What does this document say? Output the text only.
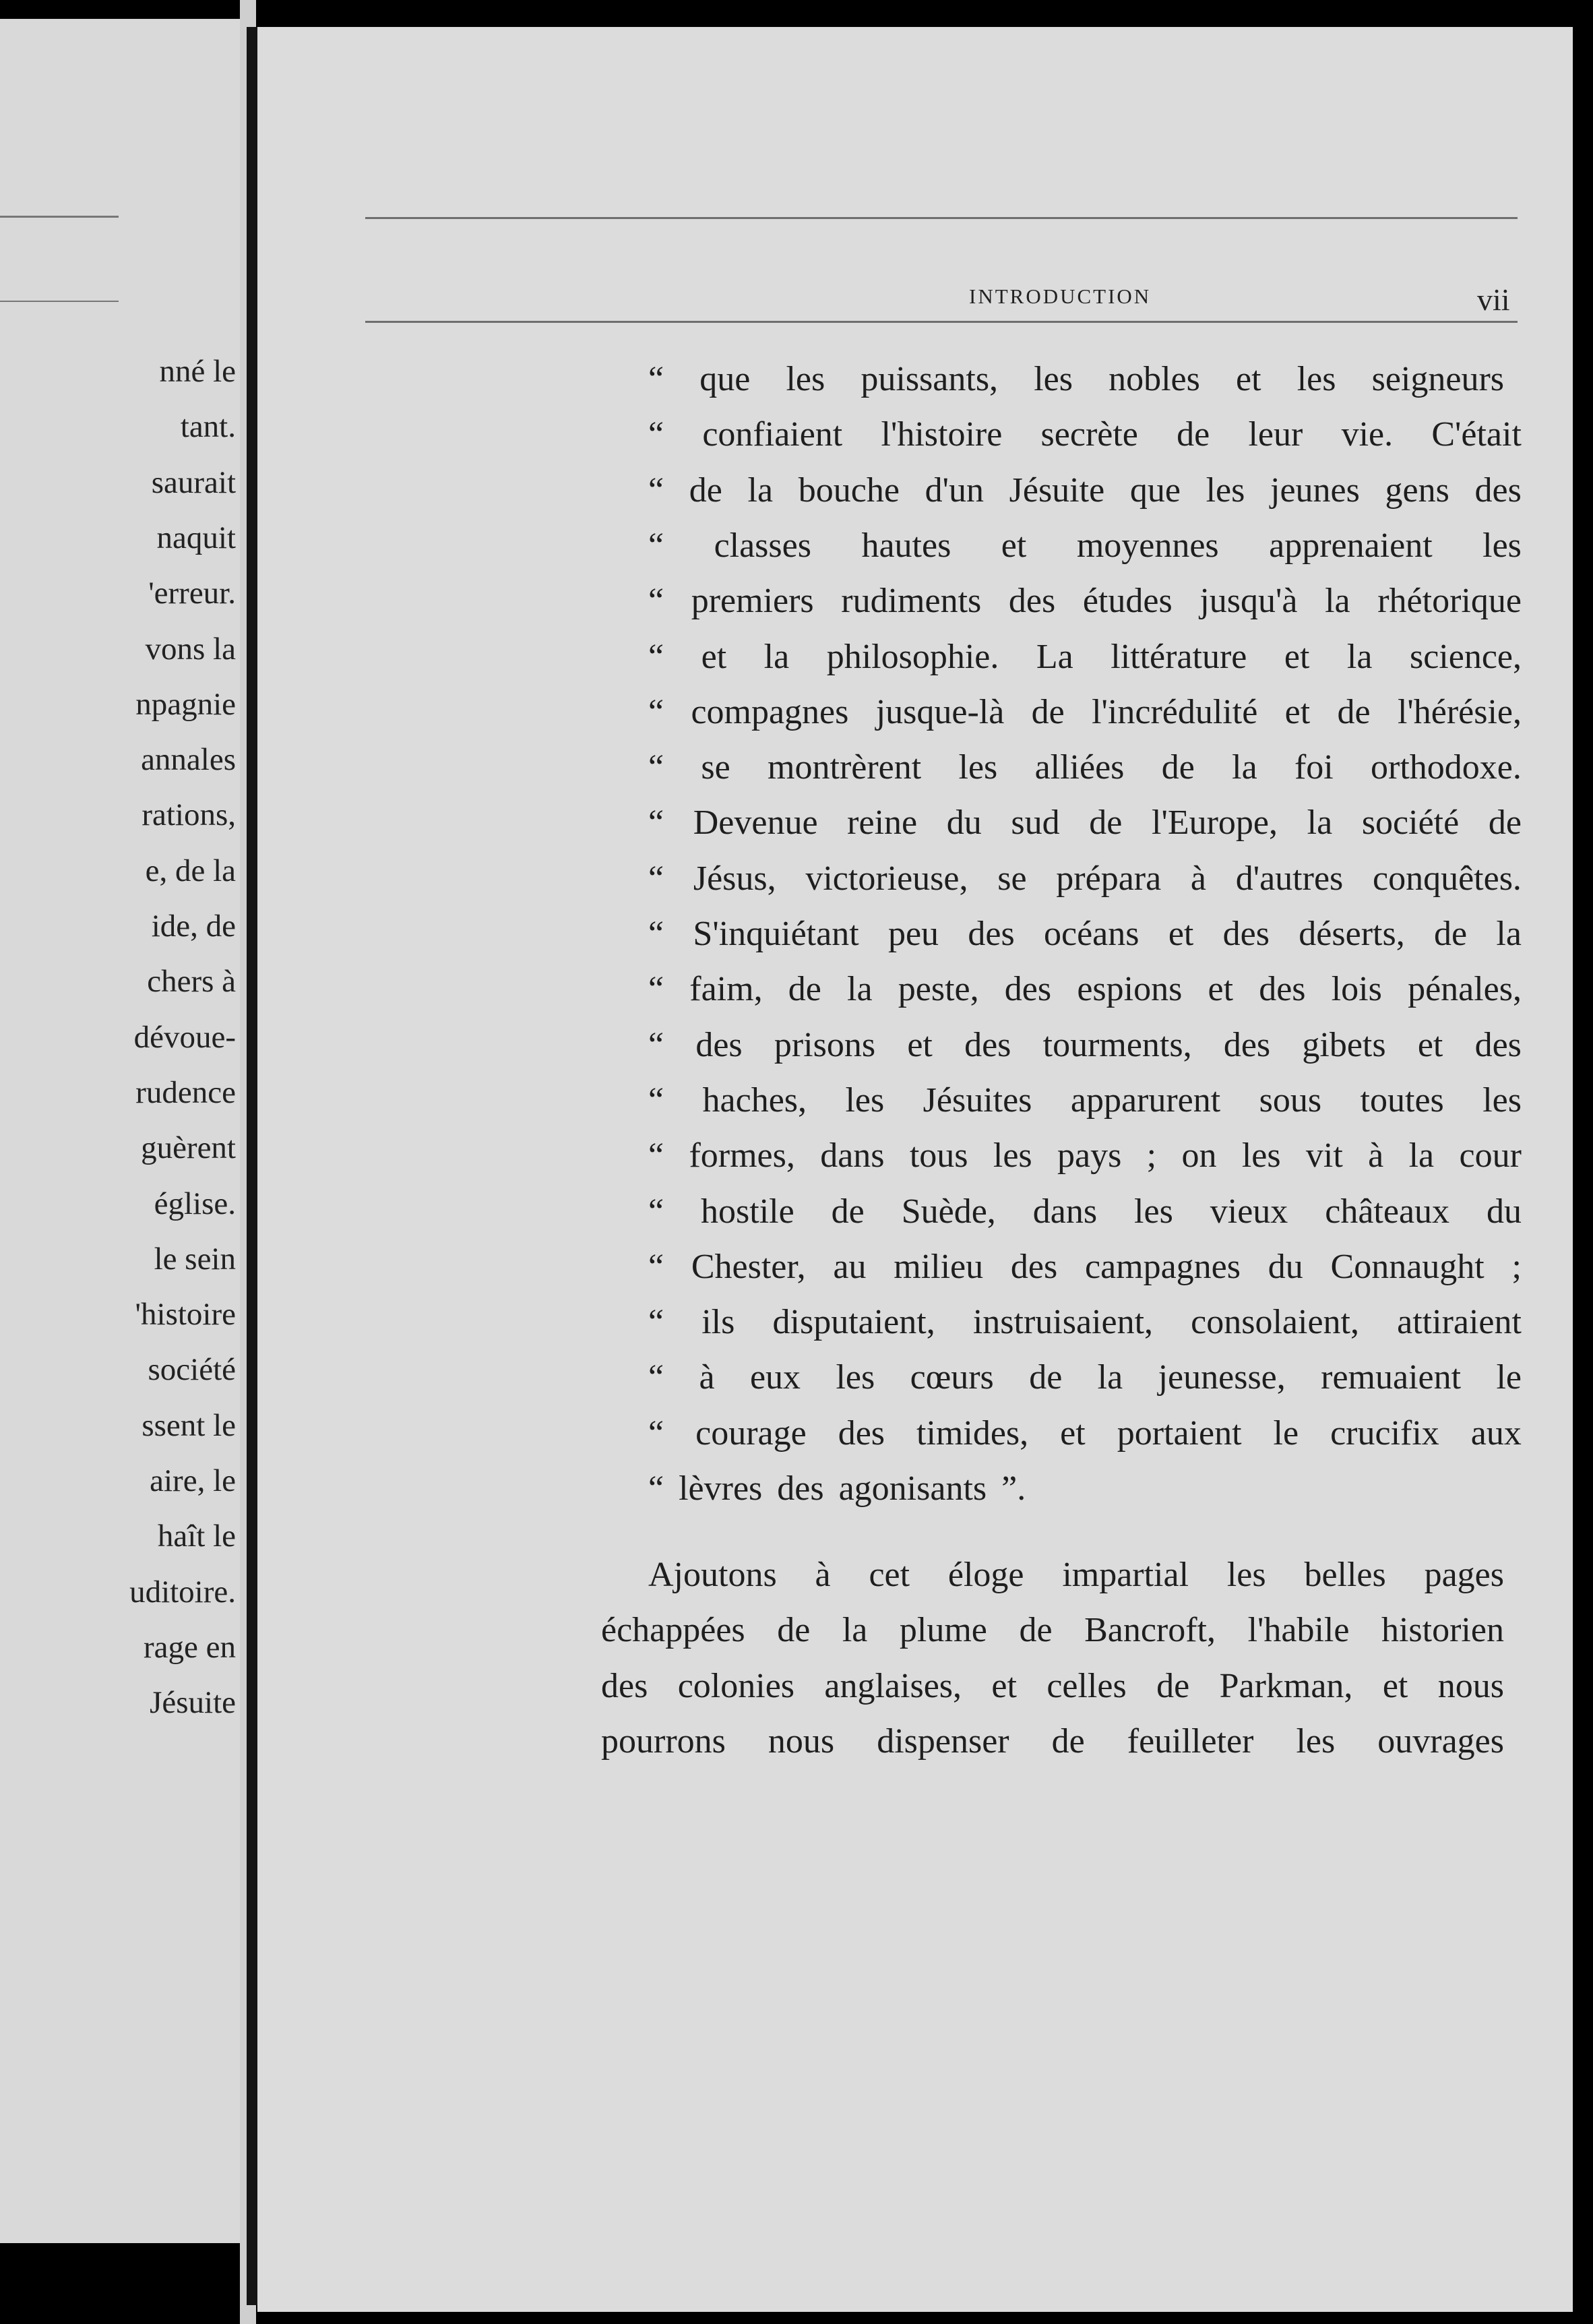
nné le
tant.
saurait
naquit
'erreur.
vons la
npagnie
annales
rations,
e, de la
ide, de
chers à
dévoue-
rudence
guèrent
église.
le sein
'histoire
société
ssent le
aire, le
haît le
uditoire.
rage en
Jésuite
INTRODUCTION	vii
“ que les puissants, les nobles et les seigneurs
“ confiaient l'histoire secrète de leur vie. C'était
“ de la bouche d'un Jésuite que les jeunes gens des
“ classes hautes et moyennes apprenaient les
“ premiers rudiments des études jusqu'à la rhétorique
“ et la philosophie. La littérature et la science,
“ compagnes jusque-là de l'incrédulité et de l'hérésie,
“ se montrèrent les alliées de la foi orthodoxe.
“ Devenue reine du sud de l'Europe, la société de
“ Jésus, victorieuse, se prépara à d'autres conquêtes.
“ S'inquiétant peu des océans et des déserts, de la
“ faim, de la peste, des espions et des lois pénales,
“ des prisons et des tourments, des gibets et des
“ haches, les Jésuites apparurent sous toutes les
“ formes, dans tous les pays ; on les vit à la cour
“ hostile de Suède, dans les vieux châteaux du
“ Chester, au milieu des campagnes du Connaught ;
“ ils disputaient, instruisaient, consolaient, attiraient
“ à eux les cœurs de la jeunesse, remuaient le
“ courage des timides, et portaient le crucifix aux
“ lèvres des agonisants ”.
Ajoutons à cet éloge impartial les belles pages
échappées de la plume de Bancroft, l'habile historien
des colonies anglaises, et celles de Parkman, et nous
pourrons nous dispenser de feuilleter les ouvrages
